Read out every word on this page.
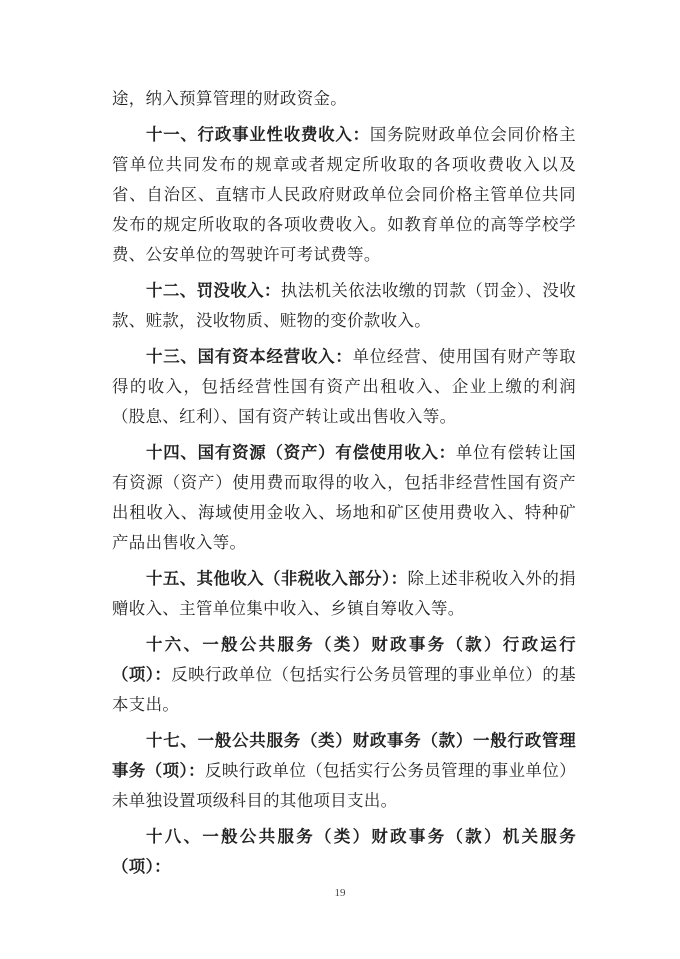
途，纳入预算管理的财政资金。

十一、行政事业性收费收入：国务院财政单位会同价格主管单位共同发布的规章或者规定所收取的各项收费收入以及省、自治区、直辖市人民政府财政单位会同价格主管单位共同发布的规定所收取的各项收费收入。如教育单位的高等学校学费、公安单位的驾驶许可考试费等。

十二、罚没收入：执法机关依法收缴的罚款（罚金）、没收款、赃款，没收物质、赃物的变价款收入。

十三、国有资本经营收入：单位经营、使用国有财产等取得的收入，包括经营性国有资产出租收入、企业上缴的利润（股息、红利）、国有资产转让或出售收入等。

十四、国有资源（资产）有偿使用收入：单位有偿转让国有资源（资产）使用费而取得的收入，包括非经营性国有资产出租收入、海域使用金收入、场地和矿区使用费收入、特种矿产品出售收入等。

十五、其他收入（非税收入部分）：除上述非税收入外的捐赠收入、主管单位集中收入、乡镇自筹收入等。

十六、一般公共服务（类）财政事务（款）行政运行（项）：反映行政单位（包括实行公务员管理的事业单位）的基本支出。

十七、一般公共服务（类）财政事务（款）一般行政管理事务（项）：反映行政单位（包括实行公务员管理的事业单位）未单独设置项级科目的其他项目支出。

十八、一般公共服务（类）财政事务（款）机关服务（项）：

19
